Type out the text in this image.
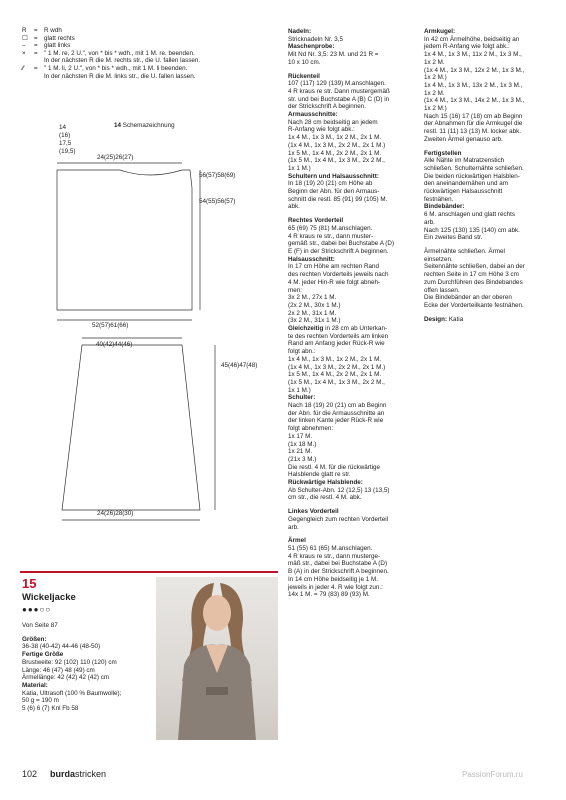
R	=	R wdh
☐	=	glatt rechts
–	=	glatt links
×	=	" 1 M. re, 2 U.", von * bis * wdh., mit 1 M. re. beenden.
In der nächsten R die M. rechts str., die U. fallen lassen.
⁄⁄	=	" 1 M. li, 2 U.", von * bis * wdh., mit 1 M. li beenden.
In der nächsten R die M. links str., die U. fallen lassen.
14 Schemazeichnung
14
(16)
17,5
(19,5)
24(25)26(27)
56(57)58(69)
54(55)56(57)
52(57)61(66)
40(42)44(46)
45(46)47(48)
24(26)28(30)
15
Wickeljacke
●●●○○

Von Seite 87

Größen:

36-38 (40-42) 44-46 (48-50)

Fertige Größe

Brustweite: 92 (102) 110 (120) cm

Länge: 46 (47) 48 (49) cm

Ärmellänge: 42 (42) 42 (42) cm

Material:

Katia, Ultrasoft (100 % Baumwolle);

50 g = 190 m

5 (6) 6 (7) Knl Fb 58

Nadeln:

Stricknadeln Nr. 3,5

Maschenprobe:

Mit Nd Nr. 3,5: 23 M. und 21 R =

10 x 10 cm.

Rückenteil

107 (117) 129 (139) M.anschlagen.

4 R kraus re str. Dann mustergemäß

str. und bei Buchstabe A (B) C (D) in

der Strickschrift A beginnen.

Armausschnitte:

Nach 28 cm beidseitig an jedem

R-Anfang wie folgt abk.:

1x 4 M., 1x 3 M., 1x 2 M., 2x 1 M.

(1x 4 M., 1x 3 M., 2x 2 M., 2x 1 M.)

1x 5 M., 1x 4 M., 2x 2 M., 2x 1 M.

(1x 5 M., 1x 4 M., 1x 3 M., 2x 2 M.,

1x 1 M.)

Schultern und Halsausschnitt:

In 18 (19) 20 (21) cm Höhe ab

Beginn der Abn. für den Armaus-

schnitt die restl. 85 (91) 99 (105) M.

abk.

Rechtes Vorderteil

65 (69) 75 (81) M.anschlagen.

4 R kraus re str., dann muster-

gemäß str., dabei bei Buchstabe A (D)

E (F) in der Strickschrift A beginnen.

Halsausschnitt:

In 17 cm Höhe am rechten Rand

des rechten Vorderteils jeweils nach

4 M. jeder Hin-R wie folgt abneh-

men:

3x 2 M., 27x 1 M.

(2x 2 M., 30x 1 M.)

2x 2 M., 31x 1 M.

(3x 2 M., 31x 1 M.)

Gleichzeitig in 28 cm ab Unterkan-

te des rechten Vorderteils am linken

Rand am Anfang jeder Rück-R wie

folgt abn.:

1x 4 M., 1x 3 M., 1x 2 M., 2x 1 M.

(1x 4 M., 1x 3 M., 2x 2 M., 2x 1 M.)

1x 5 M., 1x 4 M., 2x 2 M., 2x 1 M.

(1x 5 M., 1x 4 M., 1x 3 M., 2x 2 M.,

1x 1 M.)

Schulter:

Nach 18 (19) 20 (21) cm ab Beginn

der Abn. für die Armausschnitte an

der linken Kante jeder Rück-R wie

folgt abnehmen:

1x 17 M.

(1x 18 M.)

1x 21 M.

(21x 3 M.)

Die restl. 4 M. für die rückwärtige

Halsblende glatt re str.

Rückwärtige Halsblende:

Ab Schulter-Abn. 12 (12,5) 13 (13,5)

cm str., die restl. 4 M. abk.

Linkes Vorderteil

Gegengleich zum rechten Vorderteil

arb.

Ärmel

51 (55) 61 (65) M.anschlagen.

4 R kraus re str., dann musterge-

mäß str., dabei bei Buchstabe A (D)

B (A) in der Strickschrift A beginnen.

In 14 cm Höhe beidseitig je 1 M.

jeweils in jeder 4. R wie folgt zun.:

14x 1 M. = 79 (83) 89 (93) M.

Armkugel:

In 42 cm Ärmelhöhe, beidseitig an

jedem R-Anfang wie folgt abk.:

1x 4 M., 1x 3 M., 11x 2 M., 1x 3 M.,

1x 2 M.

(1x 4 M., 1x 3 M., 12x 2 M., 1x 3 M.,

1x 2 M.)

1x 4 M., 1x 3 M., 13x 2 M., 1x 3 M.,

1x 2 M.

(1x 4 M., 1x 3 M., 14x 2 M., 1x 3 M.,

1x 2 M.)

Nach 15 (16) 17 (18) cm ab Beginn

der Abnahmen für die Armkugel die

restl. 11 (11) 13 (13) M. locker abk.

Zweiten Ärmel genauso arb.

Fertigstellen

Alle Nähte im Matratzenstich

schließen. Schulternähte schließen.

Die beiden rückwärtigen Halsblen-

den aneinandernähen und am

rückwärtigen Halsausschnitt

festnähen.

Bindebänder:

6 M. anschlagen und glatt rechts

arb.

Nach 125 (130) 135 (140) cm abk.

Ein zweites Band str.

Ärmelnähte schließen. Ärmel

einsetzen.

Seitennähte schließen, dabei an der

rechten Seite in 17 cm Höhe 3 cm

zum Durchführen des Bindebandes

offen lassen.

Die Bindebänder an der oberen

Ecke der Vorderteilkante festnähen.

Design: Katia

102 burdastricken	PassionForum.ru
